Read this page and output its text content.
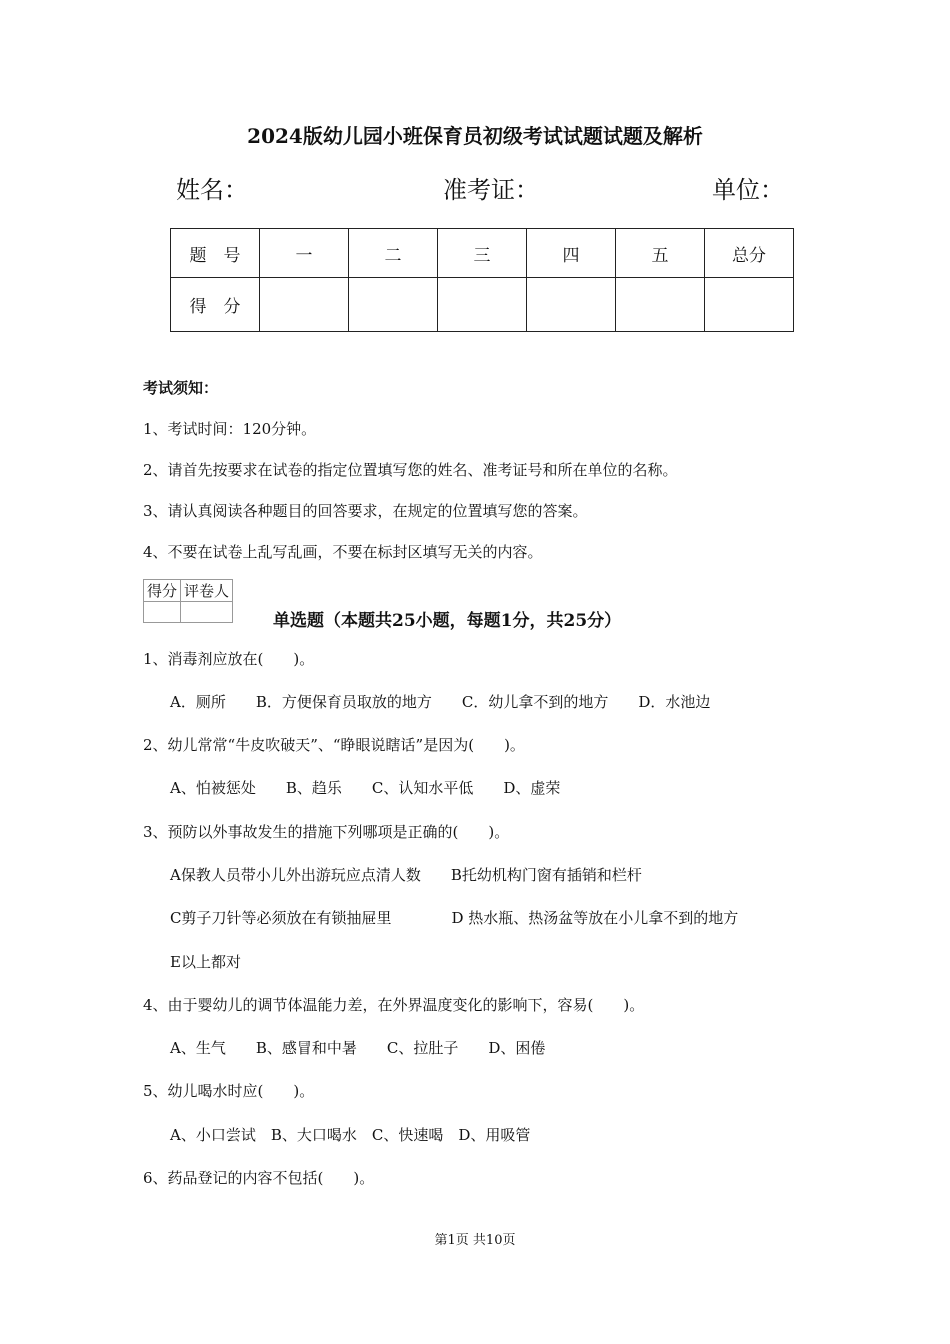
2024版幼儿园小班保育员初级考试试题试题及解析
姓名：	准考证：	单位：
题　号	一	二	三	四	五	总分
得　分						
考试须知：
1、考试时间：120分钟。
2、请首先按要求在试卷的指定位置填写您的姓名、准考证号和所在单位的名称。
3、请认真阅读各种题目的回答要求，在规定的位置填写您的答案。
4、不要在试卷上乱写乱画，不要在标封区填写无关的内容。
得分	评卷人

单选题（本题共25小题，每题1分，共25分）
1、消毒剂应放在(　　)。
A．厕所　　B．方便保育员取放的地方　　C．幼儿拿不到的地方　　D．水池边
2、幼儿常常“牛皮吹破天”、“睁眼说瞎话”是因为(　　)。
A、怕被惩处　　B、趋乐　　C、认知水平低　　D、虚荣
3、预防以外事故发生的措施下列哪项是正确的(　　)。
A保教人员带小儿外出游玩应点清人数　　B托幼机构门窗有插销和栏杆
C剪子刀针等必须放在有锁抽屉里　　　　D 热水瓶、热汤盆等放在小儿拿不到的地方
E以上都对
4、由于婴幼儿的调节体温能力差，在外界温度变化的影响下，容易(　　)。
A、生气　　B、感冒和中暑　　C、拉肚子　　D、困倦
5、幼儿喝水时应(　　)。
A、小口尝试　B、大口喝水　C、快速喝　D、用吸管
6、药品登记的内容不包括(　　)。
第1页 共10页
